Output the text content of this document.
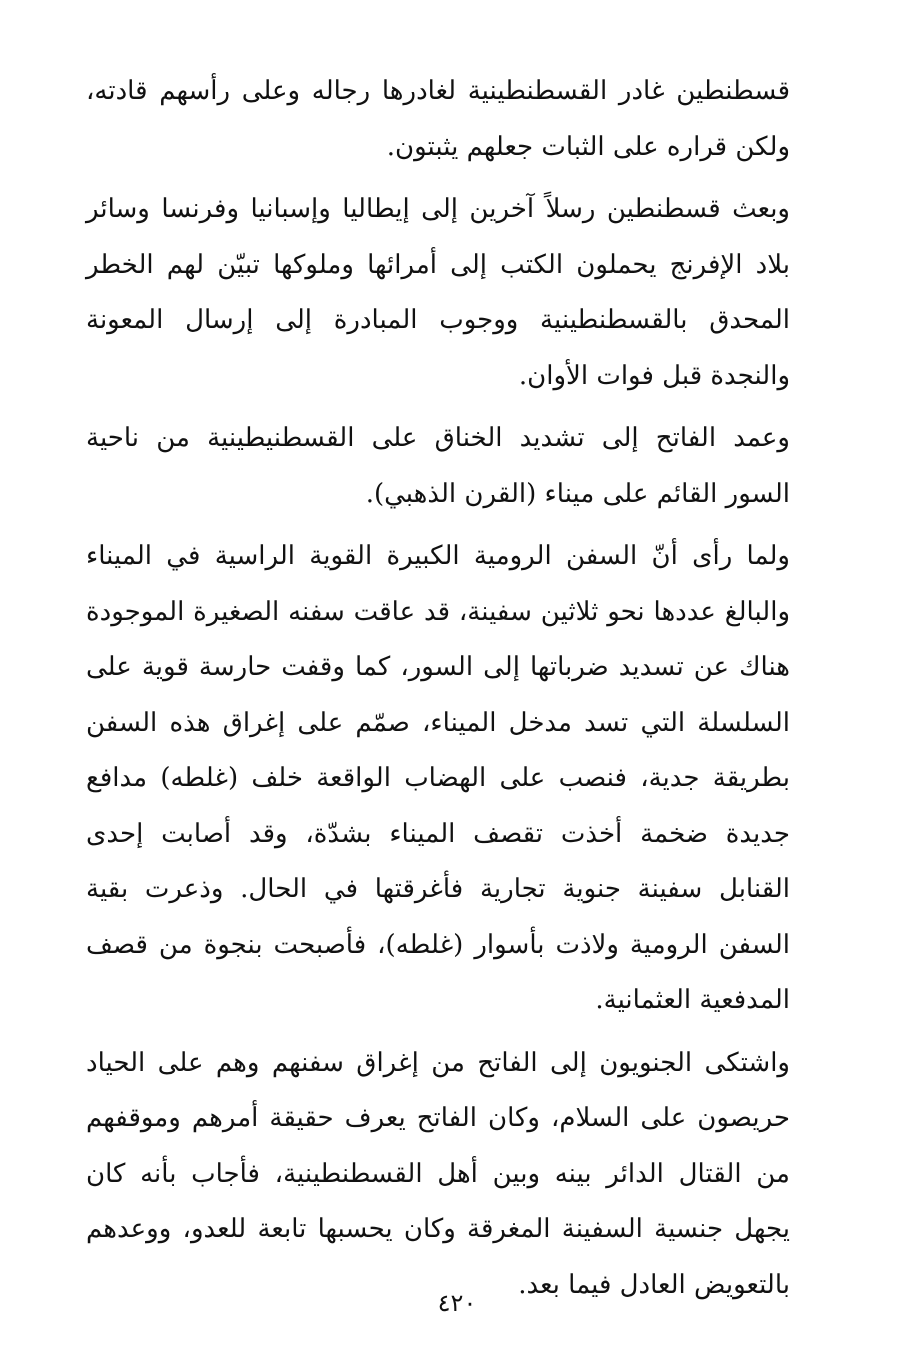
قسطنطين غادر القسطنطينية لغادرها رجاله وعلى رأسهم قادته، ولكن قراره على الثبات جعلهم يثبتون.

وبعث قسطنطين رسلاً آخرين إلى إيطاليا وإسبانيا وفرنسا وسائر بلاد الإفرنج يحملون الكتب إلى أمرائها وملوكها تبيّن لهم الخطر المحدق بالقسطنطينية ووجوب المبادرة إلى إرسال المعونة والنجدة قبل فوات الأوان.

وعمد الفاتح إلى تشديد الخناق على القسطنيطينية من ناحية السور القائم على ميناء (القرن الذهبي).

ولما رأى أنّ السفن الرومية الكبيرة القوية الراسية في الميناء والبالغ عددها نحو ثلاثين سفينة، قد عاقت سفنه الصغيرة الموجودة هناك عن تسديد ضرباتها إلى السور، كما وقفت حارسة قوية على السلسلة التي تسد مدخل الميناء، صمّم على إغراق هذه السفن بطريقة جدية، فنصب على الهضاب الواقعة خلف (غلطه) مدافع جديدة ضخمة أخذت تقصف الميناء بشدّة، وقد أصابت إحدى القنابل سفينة جنوية تجارية فأغرقتها في الحال. وذعرت بقية السفن الرومية ولاذت بأسوار (غلطه)، فأصبحت بنجوة من قصف المدفعية العثمانية.

واشتكى الجنويون إلى الفاتح من إغراق سفنهم وهم على الحياد حريصون على السلام، وكان الفاتح يعرف حقيقة أمرهم وموقفهم من القتال الدائر بينه وبين أهل القسطنطينية، فأجاب بأنه كان يجهل جنسية السفينة المغرقة وكان يحسبها تابعة للعدو، ووعدهم بالتعويض العادل فيما بعد.

٤٢٠
